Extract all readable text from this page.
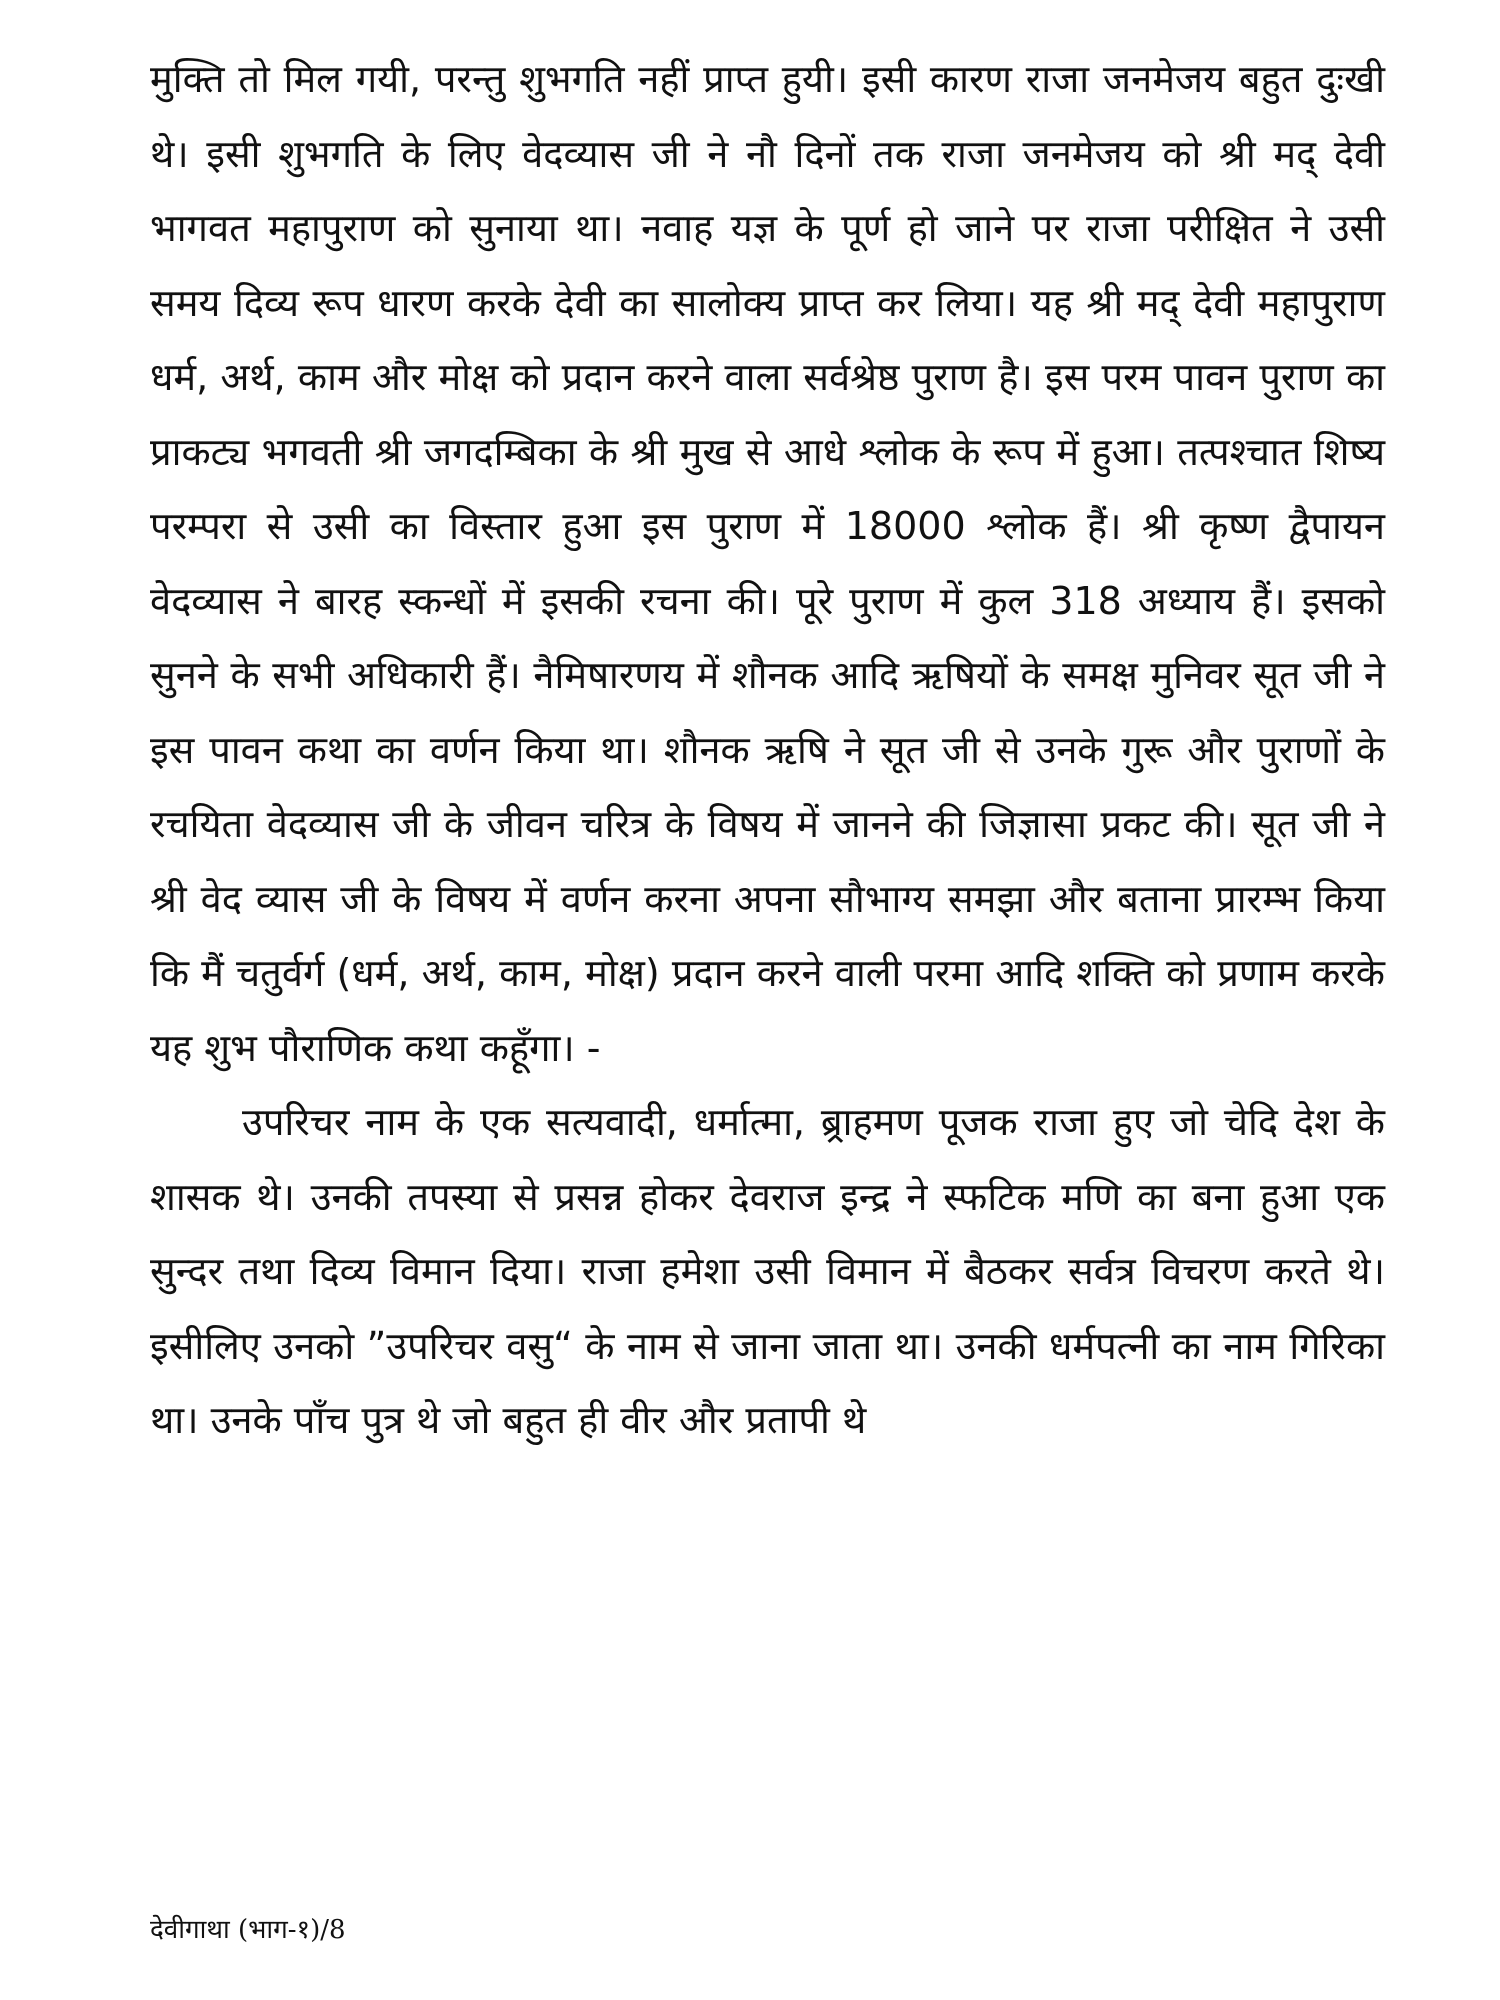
मुक्ति तो मिल गयी, परन्तु शुभगति नहीं प्राप्त हुयी। इसी कारण राजा जनमेजय बहुत दुःखी थे। इसी शुभगति के लिए वेदव्यास जी ने नौ दिनों तक राजा जनमेजय को श्री मद् देवी भागवत महापुराण को सुनाया था। नवाह यज्ञ के पूर्ण हो जाने पर राजा परीक्षित ने उसी समय दिव्य रूप धारण करके देवी का सालोक्य प्राप्त कर लिया। यह श्री मद् देवी महापुराण धर्म, अर्थ, काम और मोक्ष को प्रदान करने वाला सर्वश्रेष्ठ पुराण है। इस परम पावन पुराण का प्राकट्य भगवती श्री जगदम्बिका के श्री मुख से आधे श्लोक के रूप में हुआ। तत्पश्चात शिष्य परम्परा से उसी का विस्तार हुआ इस पुराण में 18000 श्लोक हैं। श्री कृष्ण द्वैपायन वेदव्यास ने बारह स्कन्धों में इसकी रचना की। पूरे पुराण में कुल 318 अध्याय हैं। इसको सुनने के सभी अधिकारी हैं। नैमिषारणय में शौनक आदि ऋषियों के समक्ष मुनिवर सूत जी ने इस पावन कथा का वर्णन किया था। शौनक ऋषि ने सूत जी से उनके गुरू और पुराणों के रचयिता वेदव्यास जी के जीवन चरित्र के विषय में जानने की जिज्ञासा प्रकट की। सूत जी ने श्री वेद व्यास जी के विषय में वर्णन करना अपना सौभाग्य समझा और बताना प्रारम्भ किया कि मैं चतुर्वर्ग (धर्म, अर्थ, काम, मोक्ष) प्रदान करने वाली परमा आदि शक्ति को प्रणाम करके यह शुभ पौराणिक कथा कहूँगा। -

उपरिचर नाम के एक सत्यवादी, धर्मात्मा, ब्र्राहमण पूजक राजा हुए जो चेदि देश के शासक थे। उनकी तपस्या से प्रसन्न होकर देवराज इन्द्र ने स्फटिक मणि का बना हुआ एक सुन्दर तथा दिव्य विमान दिया। राजा हमेशा उसी विमान में बैठकर सर्वत्र विचरण करते थे। इसीलिए उनको ”उपरिचर वसु“ के नाम से जाना जाता था। उनकी धर्मपत्नी का नाम गिरिका था। उनके पाँच पुत्र थे जो बहुत ही वीर और प्रतापी थे

देवीगाथा (भाग-१)/8
